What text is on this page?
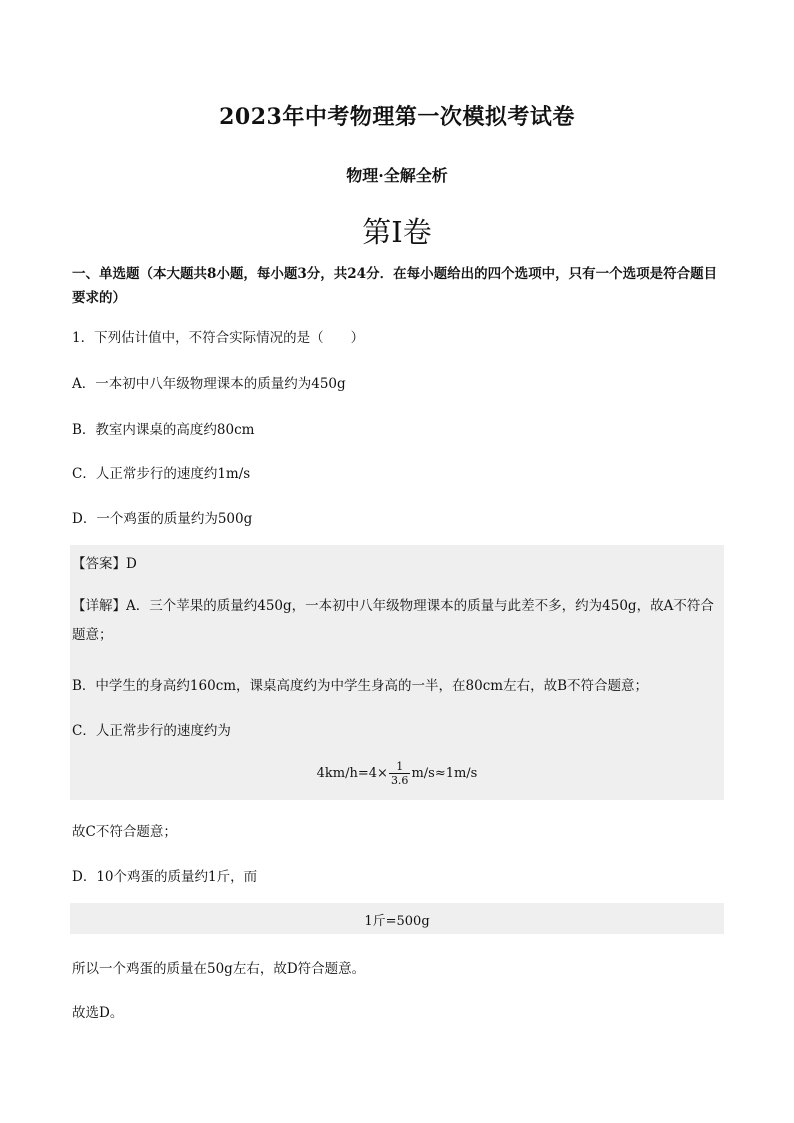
2023年中考物理第一次模拟考试卷
物理·全解全析
第Ⅰ卷
一、单选题（本大题共8小题，每小题3分，共24分．在每小题给出的四个选项中，只有一个选项是符合题目要求的）
1．下列估计值中，不符合实际情况的是（　　）
A．一本初中八年级物理课本的质量约为450g
B．教室内课桌的高度约80cm
C．人正常步行的速度约1m/s
D．一个鸡蛋的质量约为500g
【答案】D
【详解】A．三个苹果的质量约450g，一本初中八年级物理课本的质量与此差不多，约为450g，故A不符合题意；
B．中学生的身高约160cm，课桌高度约为中学生身高的一半，在80cm左右，故B不符合题意；
C．人正常步行的速度约为
$4km/h=4\times \frac{1}{3.6} m/s\approx 1m/s$
故C不符合题意；
D．10个鸡蛋的质量约1斤，而
1斤=500g
所以一个鸡蛋的质量在50g左右，故D符合题意。
故选D。
